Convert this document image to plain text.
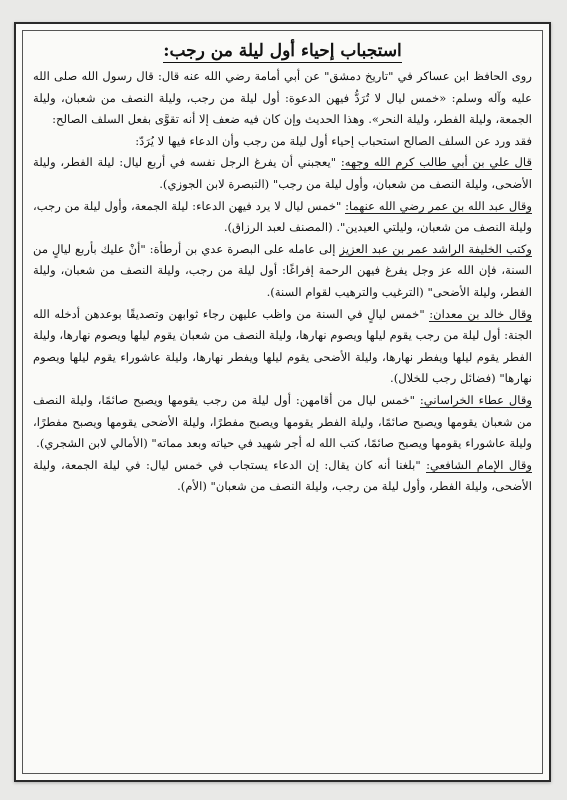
استجباب إحياء أول ليلة من رجب:

روى الحافظ ابن عساكر في "تاريخ دمشق" عن أبي أمامة رضي الله عنه قال: قال رسول الله صلى الله عليه وآله وسلم: «خمس ليال لا تُرَدُّ فيهن الدعوة: أول ليلة من رجب، وليلة النصف من شعبان، وليلة الجمعة، وليلة الفطر، وليلة النحر». وهذا الحديث وإن كان فيه ضعف إلا أنه تقوَّى بفعل السلف الصالح:

فقد ورد عن السلف الصالح استحباب إحياء أول ليلة من رجب وأن الدعاء فيها لا يُرَدّ:

قال علي بن أبي طالب كرم الله وجهه: "يعجبني أن يفرغ الرجل نفسه في أربع ليال: ليلة الفطر، وليلة الأضحى، وليلة النصف من شعبان، وأول ليلة من رجب" (التبصرة لابن الجوزي).

وقال عبد الله بن عمر رضي الله عنهما: "خمس ليال لا يرد فيهن الدعاء: ليلة الجمعة، وأول ليلة من رجب، وليلة النصف من شعبان، وليلتي العيدين". (المصنف لعبد الرزاق).

وكتب الخليفة الراشد عمر بن عبد العزيز إلى عامله على البصرة عدي بن أرطأة: "أنْ عليك بأربع ليالٍ من السنة، فإن الله عز وجل يفرغ فيهن الرحمة إفراغًا: أول ليلة من رجب، وليلة النصف من شعبان، وليلة الفطر، وليلة الأضحى" (الترغيب والترهيب لقوام السنة).

وقال خالد بن معدان: "خمس ليالٍ في السنة من واظب عليهن رجاء ثوابهن وتصديقًا بوعدهن أدخله الله الجنة: أول ليلة من رجب يقوم ليلها ويصوم نهارها، وليلة النصف من شعبان يقوم ليلها ويصوم نهارها، وليلة الفطر يقوم ليلها ويفطر نهارها، وليلة الأضحى يقوم ليلها ويفطر نهارها، وليلة عاشوراء يقوم ليلها ويصوم نهارها" (فضائل رجب للخلال).

وقال عطاء الخراساني: "خمس ليال من أقامهن: أول ليلة من رجب يقومها ويصبح صائمًا، وليلة النصف من شعبان يقومها ويصبح صائمًا، وليلة الفطر يقومها ويصبح مفطرًا، وليلة الأضحى يقومها ويصبح مفطرًا، وليلة عاشوراء يقومها ويصبح صائمًا، كتب الله له أجر شهيد في حياته وبعد مماته" (الأمالي لابن الشجري).

وقال الإمام الشافعي: "بلغنا أنه كان يقال: إن الدعاء يستجاب في خمس ليال: في ليلة الجمعة، وليلة الأضحى، وليلة الفطر، وأول ليلة من رجب، وليلة النصف من شعبان" (الأم).
